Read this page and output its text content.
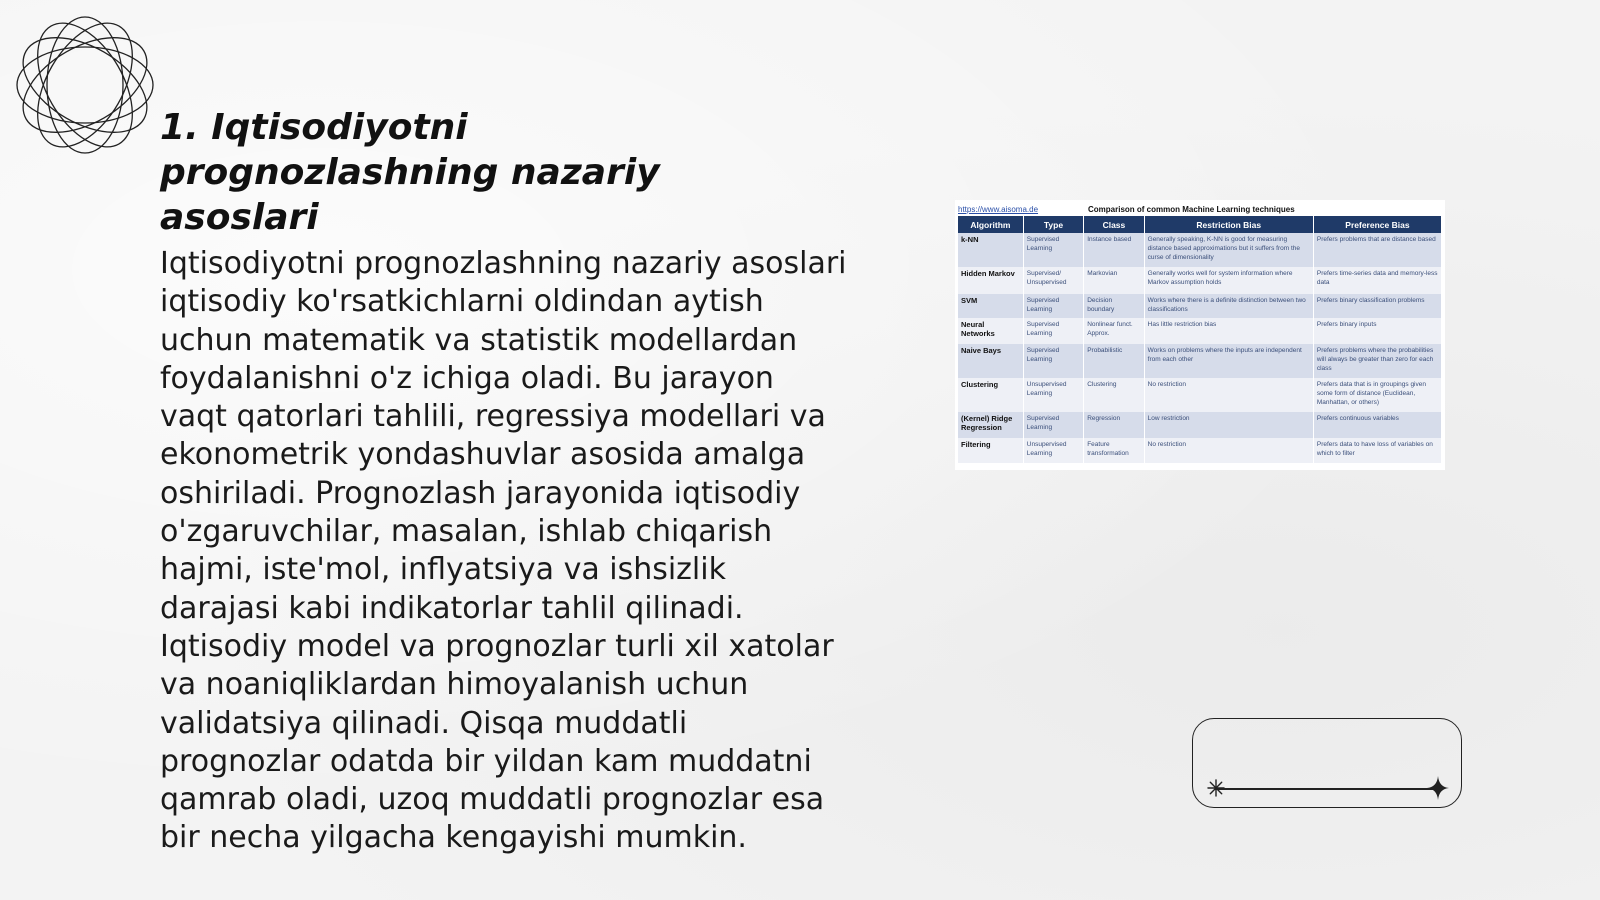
1. Iqtisodiyotni prognozlashning nazariy asoslari

Iqtisodiyotni prognozlashning nazariy asoslari iqtisodiy ko'rsatkichlarni oldindan aytish uchun matematik va statistik modellardan foydalanishni o'z ichiga oladi. Bu jarayon vaqt qatorlari tahlili, regressiya modellari va ekonometrik yondashuvlar asosida amalga oshiriladi. Prognozlash jarayonida iqtisodiy o'zgaruvchilar, masalan, ishlab chiqarish hajmi, iste'mol, inflyatsiya va ishsizlik darajasi kabi indikatorlar tahlil qilinadi. Iqtisodiy model va prognozlar turli xil xatolar va noaniqliklardan himoyalanish uchun validatsiya qilinadi. Qisqa muddatli prognozlar odatda bir yildan kam muddatni qamrab oladi, uzoq muddatli prognozlar esa bir necha yilgacha kengayishi mumkin.

https://www.aisoma.de	Comparison of common Machine Learning techniques
Algorithm	Type	Class	Restriction Bias	Preference Bias
k-NN	Supervised Learning	Instance based	Generally speaking, K-NN is good for measuring distance based approximations but it suffers from the curse of dimensionality	Prefers problems that are distance based
Hidden Markov	Supervised/ Unsupervised	Markovian	Generally works well for system information where Markov assumption holds	Prefers time-series data and memory-less data
SVM	Supervised Learning	Decision boundary	Works where there is a definite distinction between two classifications	Prefers binary classification problems
Neural Networks	Supervised Learning	Nonlinear funct. Approx.	Has little restriction bias	Prefers binary inputs
Naive Bays	Supervised Learning	Probabilistic	Works on problems where the inputs are independent from each other	Prefers problems where the probabilities will always be greater than zero for each class
Clustering	Unsupervised Learning	Clustering	No restriction	Prefers data that is in groupings given some form of distance (Euclidean, Manhattan, or others)
(Kernel) Ridge Regression	Supervised Learning	Regression	Low restriction	Prefers continuous variables
Filtering	Unsupervised Learning	Feature transformation	No restriction	Prefers data to have loss of variables on which to filter
